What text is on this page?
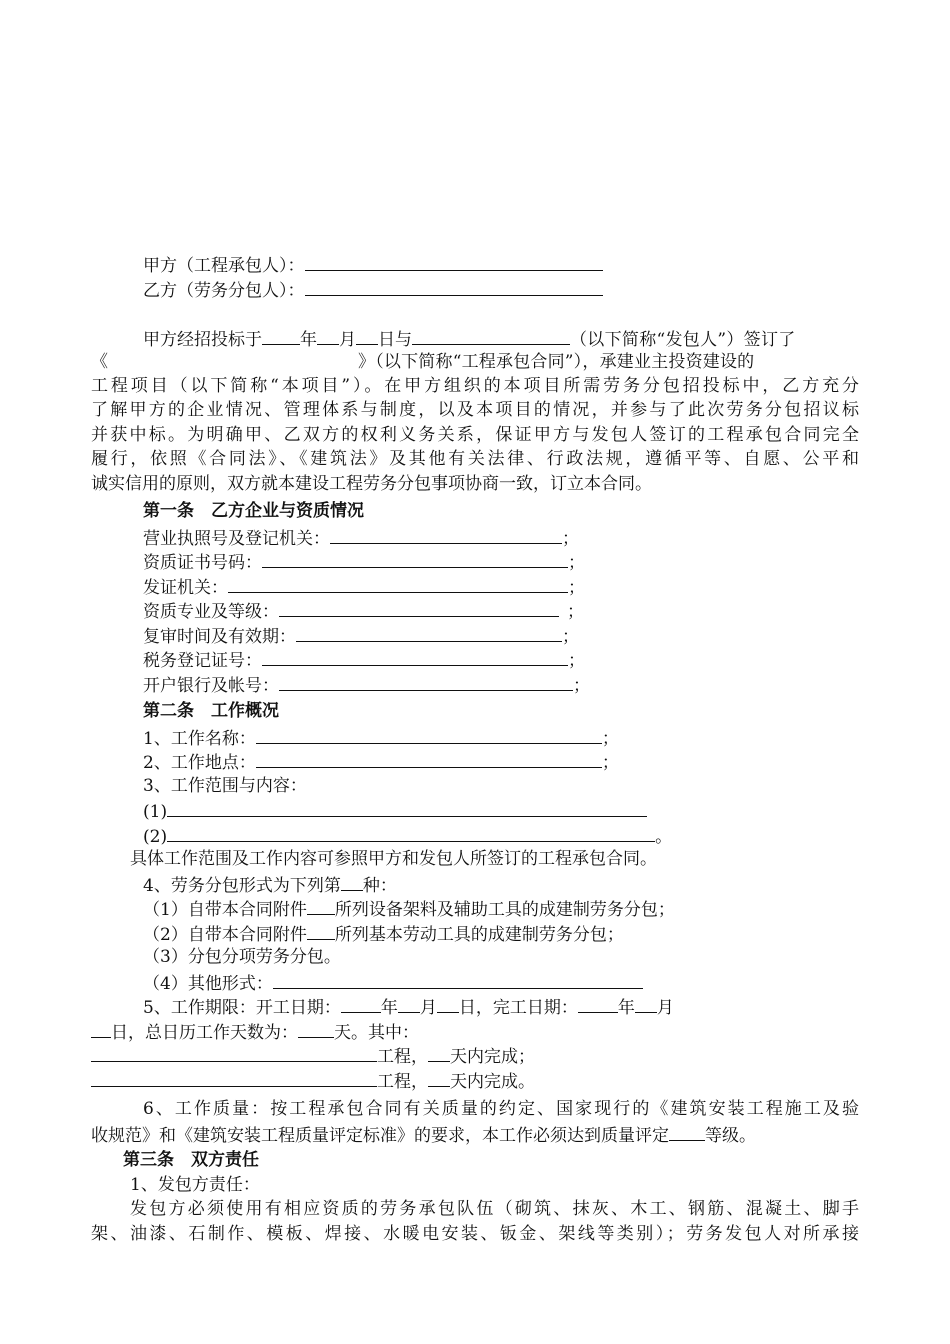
甲方（工程承包人）：
乙方（劳务分包人）：
甲方经招投标于 年 月 日与	（以下简称“发包人”）签订了
《	》（以下简称“工程承包合同”），承建业主投资建设的
工程项目（以下简称“本项目”）。在甲方组织的本项目所需劳务分包招投标中，乙方充分
了解甲方的企业情况、管理体系与制度，以及本项目的情况，并参与了此次劳务分包招议标
并获中标。为明确甲、乙双方的权利义务关系，保证甲方与发包人签订的工程承包合同完全
履行，依照《合同法》、《建筑法》及其他有关法律、行政法规，遵循平等、自愿、公平和
诚实信用的原则，双方就本建设工程劳务分包事项协商一致，订立本合同。
第一条　乙方企业与资质情况
营业执照号及登记机关：	；
资质证书号码：	；
发证机关：	；
资质专业及等级：	；
复审时间及有效期：	；
税务登记证号：	；
开户银行及帐号：	；
第二条　工作概况
1、工作名称：	；
2、工作地点：	；
3、工作范围与内容：
(1)
(2)	。
具体工作范围及工作内容可参照甲方和发包人所签订的工程承包合同。
4、劳务分包形式为下列第 种：
（1）自带本合同附件 所列设备架料及辅助工具的成建制劳务分包；
（2）自带本合同附件 所列基本劳动工具的成建制劳务分包；
（3）分包分项劳务分包。
（4）其他形式：
5、工作期限：开工日期： 年 月 日，完工日期： 年 月
日，总日历工作天数为： 天。其中：
工程， 天内完成；
工程， 天内完成。
6、工作质量：按工程承包合同有关质量的约定、国家现行的《建筑安装工程施工及验
收规范》和《建筑安装工程质量评定标准》的要求，本工作必须达到质量评定 等级。
第三条　双方责任
1、发包方责任：
发包方必须使用有相应资质的劳务承包队伍（砌筑、抹灰、木工、钢筋、混凝土、脚手
架、油漆、石制作、模板、焊接、水暖电安装、钣金、架线等类别）；劳务发包人对所承接
